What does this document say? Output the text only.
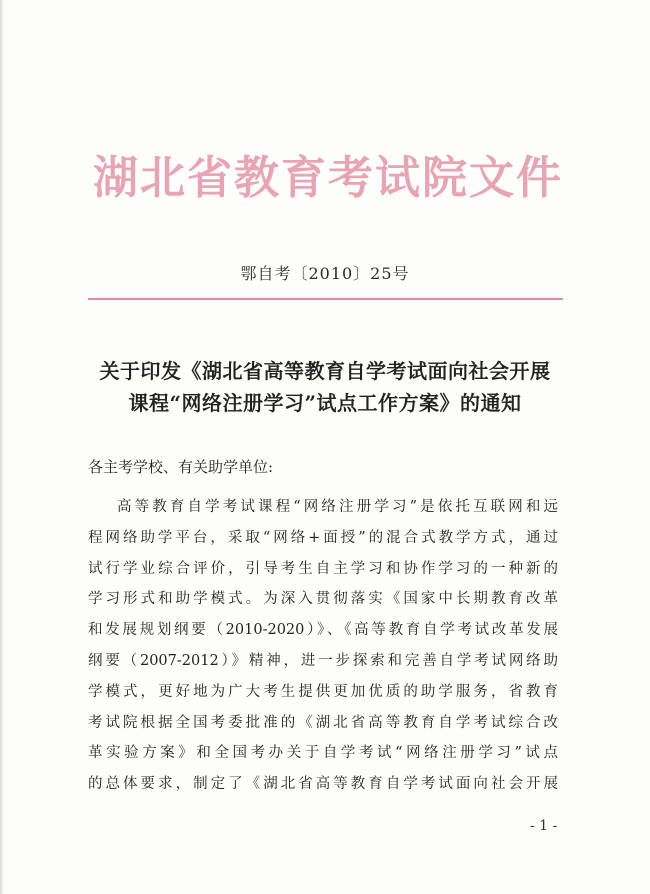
湖北省教育考试院文件
鄂自考〔2010〕25号
关于印发《湖北省高等教育自学考试面向社会开展
课程“网络注册学习”试点工作方案》的通知
各主考学校、有关助学单位:
高等教育自学考试课程“网络注册学习”是依托互联网和远
程网络助学平台，采取“网络+面授”的混合式教学方式，通过
试行学业综合评价，引导考生自主学习和协作学习的一种新的
学习形式和助学模式。为深入贯彻落实《国家中长期教育改革
和发展规划纲要（2010-2020）》、《高等教育自学考试改革发展
纲要（2007-2012）》精神，进一步探索和完善自学考试网络助
学模式，更好地为广大考生提供更加优质的助学服务，省教育
考试院根据全国考委批准的《湖北省高等教育自学考试综合改
革实验方案》和全国考办关于自学考试“网络注册学习”试点
的总体要求，制定了《湖北省高等教育自学考试面向社会开展
- 1 -
